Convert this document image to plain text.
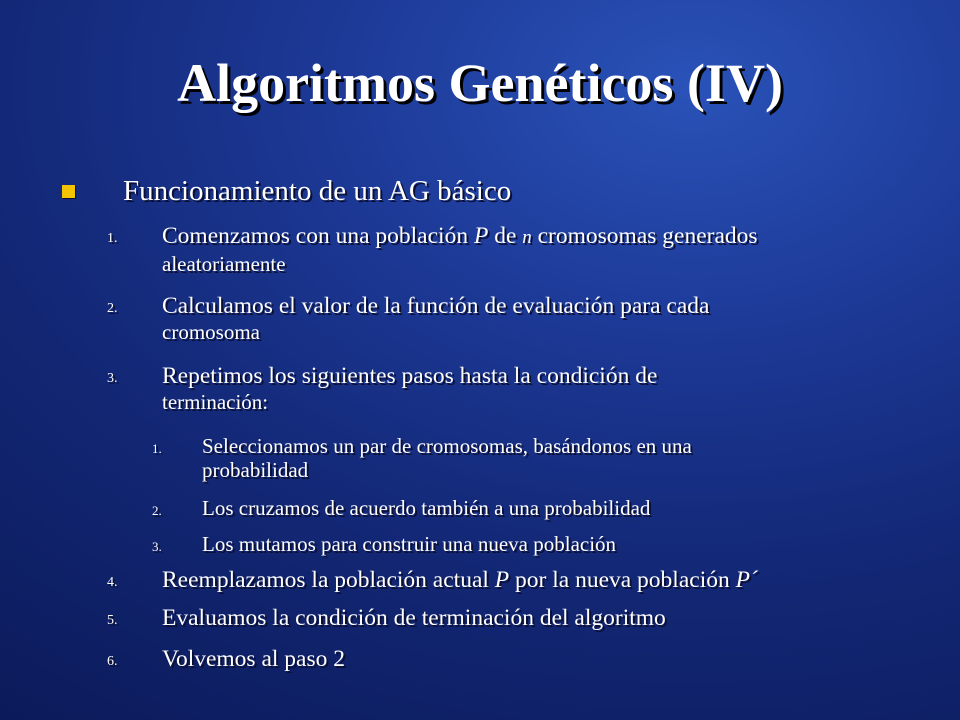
Algoritmos Genéticos (IV)
Funcionamiento de un AG básico
1. Comenzamos con una población P de n cromosomas generados
aleatoriamente
2. Calculamos el valor de la función de evaluación para cada
cromosoma
3. Repetimos los siguientes pasos hasta la condición de
terminación:
1. Seleccionamos un par de cromosomas, basándonos en una
probabilidad
2. Los cruzamos de acuerdo también a una probabilidad
3. Los mutamos para construir una nueva población
4. Reemplazamos la población actual P por la nueva población P´
5. Evaluamos la condición de terminación del algoritmo
6. Volvemos al paso 2
